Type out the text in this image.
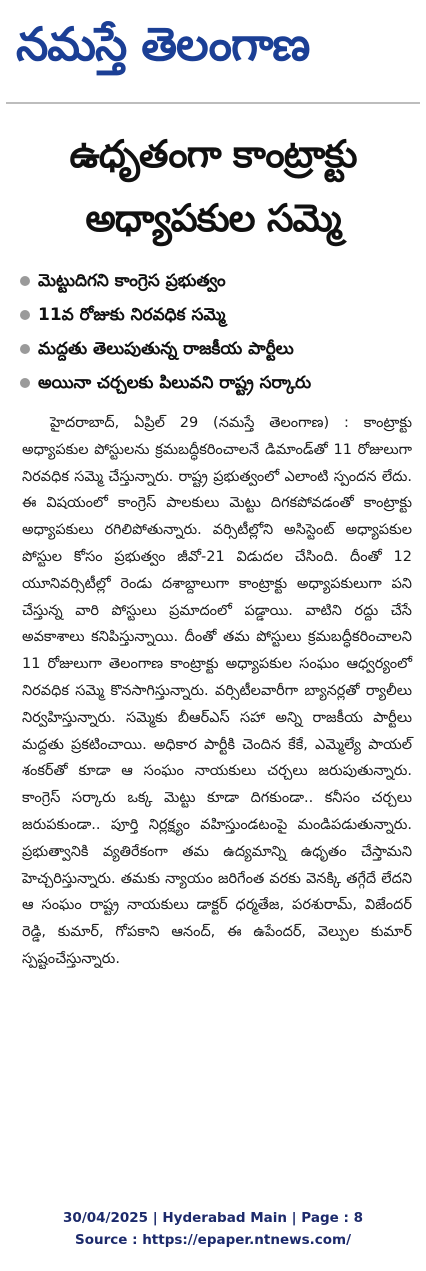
నమస్తే తెలంగాణ
ఉధృతంగా కాంట్రాక్టు
అధ్యాపకుల సమ్మె
మెట్టుదిగని కాంగ్రెస ప్రభుత్వం
11వ రోజుకు నిరవధిక సమ్మె
మద్దతు తెలుపుతున్న రాజకీయ పార్టీలు
అయినా చర్చలకు పిలువని రాష్ట్ర సర్కారు

హైదరాబాద్, ఏప్రిల్ 29 (నమస్తే తెలంగాణ) : కాంట్రాక్టు అధ్యాపకుల పోస్టులను క్రమబద్ధీకరించాలనే డిమాండ్‌తో 11 రోజులుగా నిరవధిక సమ్మె చేస్తున్నారు. రాష్ట్ర ప్రభుత్వంలో ఎలాంటి స్పందన లేదు. ఈ విషయంలో కాంగ్రెస్ పాలకులు మెట్టు దిగకపోవడంతో కాంట్రాక్టు అధ్యాపకులు రగిలిపోతున్నారు. వర్సిటీల్లోని అసిస్టెంట్ అధ్యాపకుల పోస్టుల కోసం ప్రభుత్వం జీవో-21 విడుదల చేసింది. దీంతో 12 యూనివర్సిటీల్లో రెండు దశాబ్దాలుగా కాంట్రాక్టు అధ్యాపకులుగా పని చేస్తున్న వారి పోస్టులు ప్రమాదంలో పడ్డాయి. వాటిని రద్దు చేసే అవకాశాలు కనిపిస్తున్నాయి. దీంతో తమ పోస్టులు క్రమబద్ధీకరించాలని 11 రోజులుగా తెలంగాణ కాంట్రాక్టు అధ్యాపకుల సంఘం ఆధ్వర్యంలో నిరవధిక సమ్మె కొనసాగిస్తున్నారు. వర్సిటీలవారీగా బ్యానర్లతో ర్యాలీలు నిర్వహిస్తున్నారు. సమ్మెకు బీఆర్ఎస్ సహా అన్ని రాజకీయ పార్టీలు మద్దతు ప్రకటించాయి. అధికార పార్టీకి చెందిన కేకే, ఎమ్మెల్యే పాయల్ శంకర్‌తో కూడా ఆ సంఘం నాయకులు చర్చలు జరుపుతున్నారు. కాంగ్రెస్ సర్కారు ఒక్క మెట్టు కూడా దిగకుండా.. కనీసం చర్చలు జరుపకుండా.. పూర్తి నిర్లక్ష్యం వహిస్తుండటంపై మండిపడుతున్నారు. ప్రభుత్వానికి వ్యతిరేకంగా తమ ఉద్యమాన్ని ఉధృతం చేస్తామని హెచ్చరిస్తున్నారు. తమకు న్యాయం జరిగేంత వరకు వెనక్కి తగ్గేదే లేదని ఆ సంఘం రాష్ట్ర నాయకులు డాక్టర్ ధర్మతేజ, పరశురామ్, విజేందర్ రెడ్డి, కుమార్, గోపకాని ఆనంద్, ఈ ఉపేందర్, వెల్పుల కుమార్ స్పష్టంచేస్తున్నారు.

30/04/2025 | Hyderabad Main | Page : 8
Source : https://epaper.ntnews.com/
